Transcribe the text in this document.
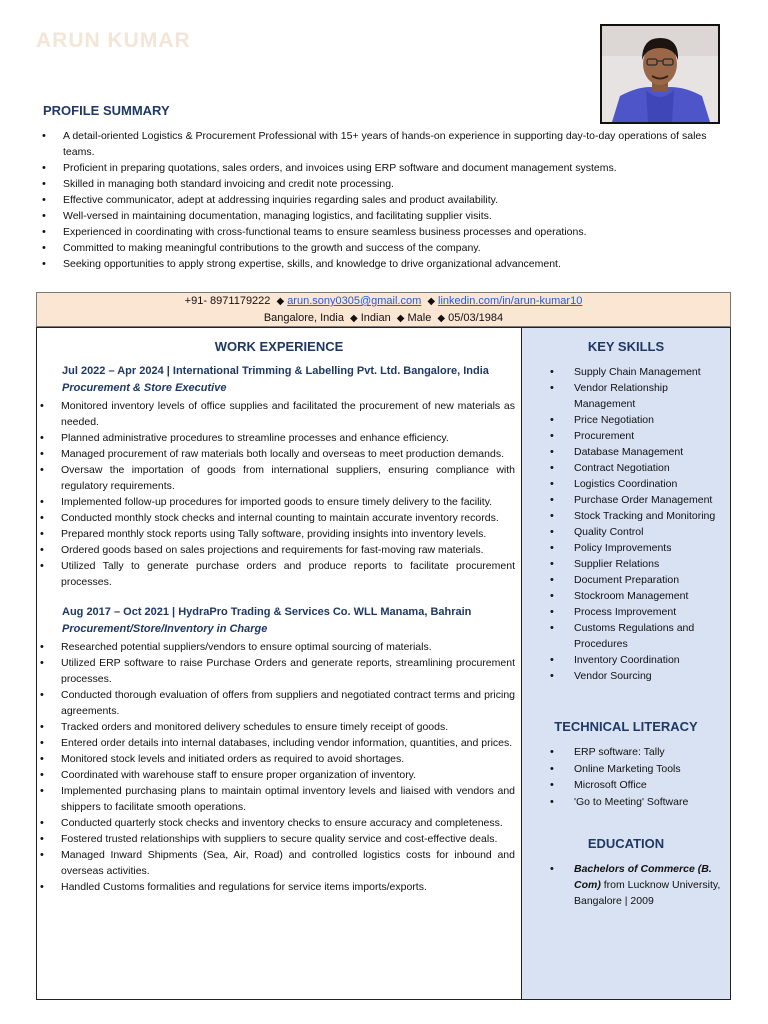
ARUN KUMAR
PROFILE SUMMARY
• A detail-oriented Logistics & Procurement Professional with 15+ years of hands-on experience in supporting day-to-day operations of sales teams.
• Proficient in preparing quotations, sales orders, and invoices using ERP software and document management systems.
• Skilled in managing both standard invoicing and credit note processing.
• Effective communicator, adept at addressing inquiries regarding sales and product availability.
• Well-versed in maintaining documentation, managing logistics, and facilitating supplier visits.
• Experienced in coordinating with cross-functional teams to ensure seamless business processes and operations.
• Committed to making meaningful contributions to the growth and success of the company.
• Seeking opportunities to apply strong expertise, skills, and knowledge to drive organizational advancement.
+91- 8971179222 ◆ arun.sony0305@gmail.com ◆ linkedin.com/in/arun-kumar10
Bangalore, India ◆ Indian ◆ Male ◆ 05/03/1984
WORK EXPERIENCE
Jul 2022 – Apr 2024 | International Trimming & Labelling Pvt. Ltd. Bangalore, India
Procurement & Store Executive
• Monitored inventory levels of office supplies and facilitated the procurement of new materials as needed.
• Planned administrative procedures to streamline processes and enhance efficiency.
• Managed procurement of raw materials both locally and overseas to meet production demands.
• Oversaw the importation of goods from international suppliers, ensuring compliance with regulatory requirements.
• Implemented follow-up procedures for imported goods to ensure timely delivery to the facility.
• Conducted monthly stock checks and internal counting to maintain accurate inventory records.
• Prepared monthly stock reports using Tally software, providing insights into inventory levels.
• Ordered goods based on sales projections and requirements for fast-moving raw materials.
• Utilized Tally to generate purchase orders and produce reports to facilitate procurement processes.
Aug 2017 – Oct 2021 | HydraPro Trading & Services Co. WLL Manama, Bahrain
Procurement/Store/Inventory in Charge
• Researched potential suppliers/vendors to ensure optimal sourcing of materials.
• Utilized ERP software to raise Purchase Orders and generate reports, streamlining procurement processes.
• Conducted thorough evaluation of offers from suppliers and negotiated contract terms and pricing agreements.
• Tracked orders and monitored delivery schedules to ensure timely receipt of goods.
• Entered order details into internal databases, including vendor information, quantities, and prices.
• Monitored stock levels and initiated orders as required to avoid shortages.
• Coordinated with warehouse staff to ensure proper organization of inventory.
• Implemented purchasing plans to maintain optimal inventory levels and liaised with vendors and shippers to facilitate smooth operations.
• Conducted quarterly stock checks and inventory checks to ensure accuracy and completeness.
• Fostered trusted relationships with suppliers to secure quality service and cost-effective deals.
• Managed Inward Shipments (Sea, Air, Road) and controlled logistics costs for inbound and overseas activities.
• Handled Customs formalities and regulations for service items imports/exports.
KEY SKILLS
• Supply Chain Management
• Vendor Relationship Management
• Price Negotiation
• Procurement
• Database Management
• Contract Negotiation
• Logistics Coordination
• Purchase Order Management
• Stock Tracking and Monitoring
• Quality Control
• Policy Improvements
• Supplier Relations
• Document Preparation
• Stockroom Management
• Process Improvement
• Customs Regulations and Procedures
• Inventory Coordination
• Vendor Sourcing
TECHNICAL LITERACY
• ERP software: Tally
• Online Marketing Tools
• Microsoft Office
• 'Go to Meeting' Software
EDUCATION
• Bachelors of Commerce (B. Com) from Lucknow University, Bangalore | 2009
